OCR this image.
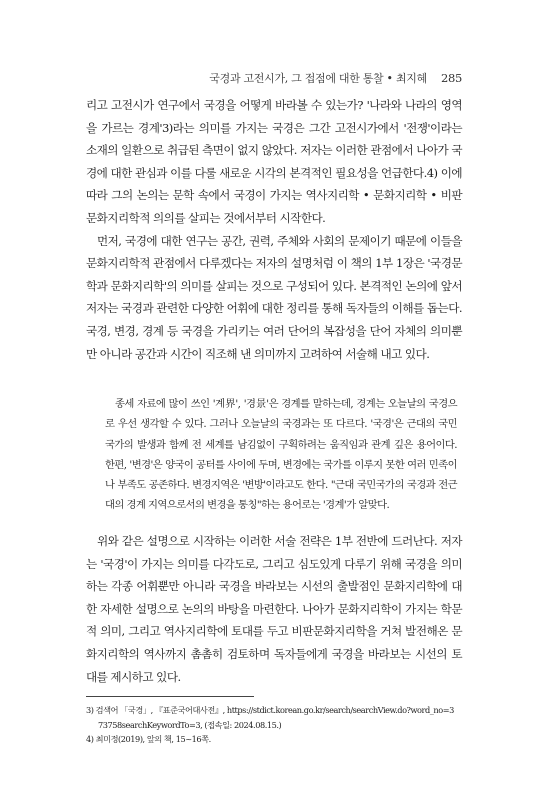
국경과 고전시가, 그 접점에 대한 통찰 • 최지혜 285

리고 고전시가 연구에서 국경을 어떻게 바라볼 수 있는가? '나라와 나라의 영역을 가르는 경계'3)라는 의미를 가지는 국경은 그간 고전시가에서 '전쟁'이라는 소재의 일환으로 취급된 측면이 없지 않았다. 저자는 이러한 관점에서 나아가 국경에 대한 관심과 이를 다룰 새로운 시각의 본격적인 필요성을 언급한다.4) 이에 따라 그의 논의는 문학 속에서 국경이 가지는 역사지리학 • 문화지리학 • 비판문화지리학적 의의를 살피는 것에서부터 시작한다.

먼저, 국경에 대한 연구는 공간, 권력, 주체와 사회의 문제이기 때문에 이들을 문화지리학적 관점에서 다루겠다는 저자의 설명처럼 이 책의 1부 1장은 '국경문학과 문화지리학'의 의미를 살피는 것으로 구성되어 있다. 본격적인 논의에 앞서 저자는 국경과 관련한 다양한 어휘에 대한 정리를 통해 독자들의 이해를 돕는다. 국경, 변경, 경계 등 국경을 가리키는 여러 단어의 복잡성을 단어 자체의 의미뿐만 아니라 공간과 시간이 직조해 낸 의미까지 고려하여 서술해 내고 있다.

종세 자료에 많이 쓰인 '계界', '경景'은 경계를 말하는데, 경계는 오늘날의 국경으로 우선 생각할 수 있다. 그러나 오늘날의 국경과는 또 다르다. '국경'은 근대의 국민국가의 발생과 함께 전 세계를 남김없이 구획하려는 움직임과 관계 깊은 용어이다. 한편, '변경'은 양국이 공터를 사이에 두며, 변경에는 국가를 이루지 못한 여러 민족이나 부족도 공존하다. 변경지역은 '변방'이라고도 한다. "근대 국민국가의 국경과 전근대의 경계 지역으로서의 변경을 통칭"하는 용어로는 '경계'가 알맞다.

위와 같은 설명으로 시작하는 이러한 서술 전략은 1부 전반에 드러난다. 저자는 '국경'이 가지는 의미를 다각도로, 그리고 심도있게 다루기 위해 국경을 의미하는 각종 어휘뿐만 아니라 국경을 바라보는 시선의 출발점인 문화지리학에 대한 자세한 설명으로 논의의 바탕을 마련한다. 나아가 문화지리학이 가지는 학문적 의미, 그리고 역사지리학에 토대를 두고 비판문화지리학을 거쳐 발전해온 문화지리학의 역사까지 촘촘히 검토하며 독자들에게 국경을 바라보는 시선의 토대를 제시하고 있다.

3) 검색어 「국경」, 『표준국어대사전』, https://stdict.korean.go.kr/search/searchView.do?word_no=373758searchKeywordTo=3, (접속일: 2024.08.15.)

4) 최미정(2019), 앞의 책, 15~16쪽.
